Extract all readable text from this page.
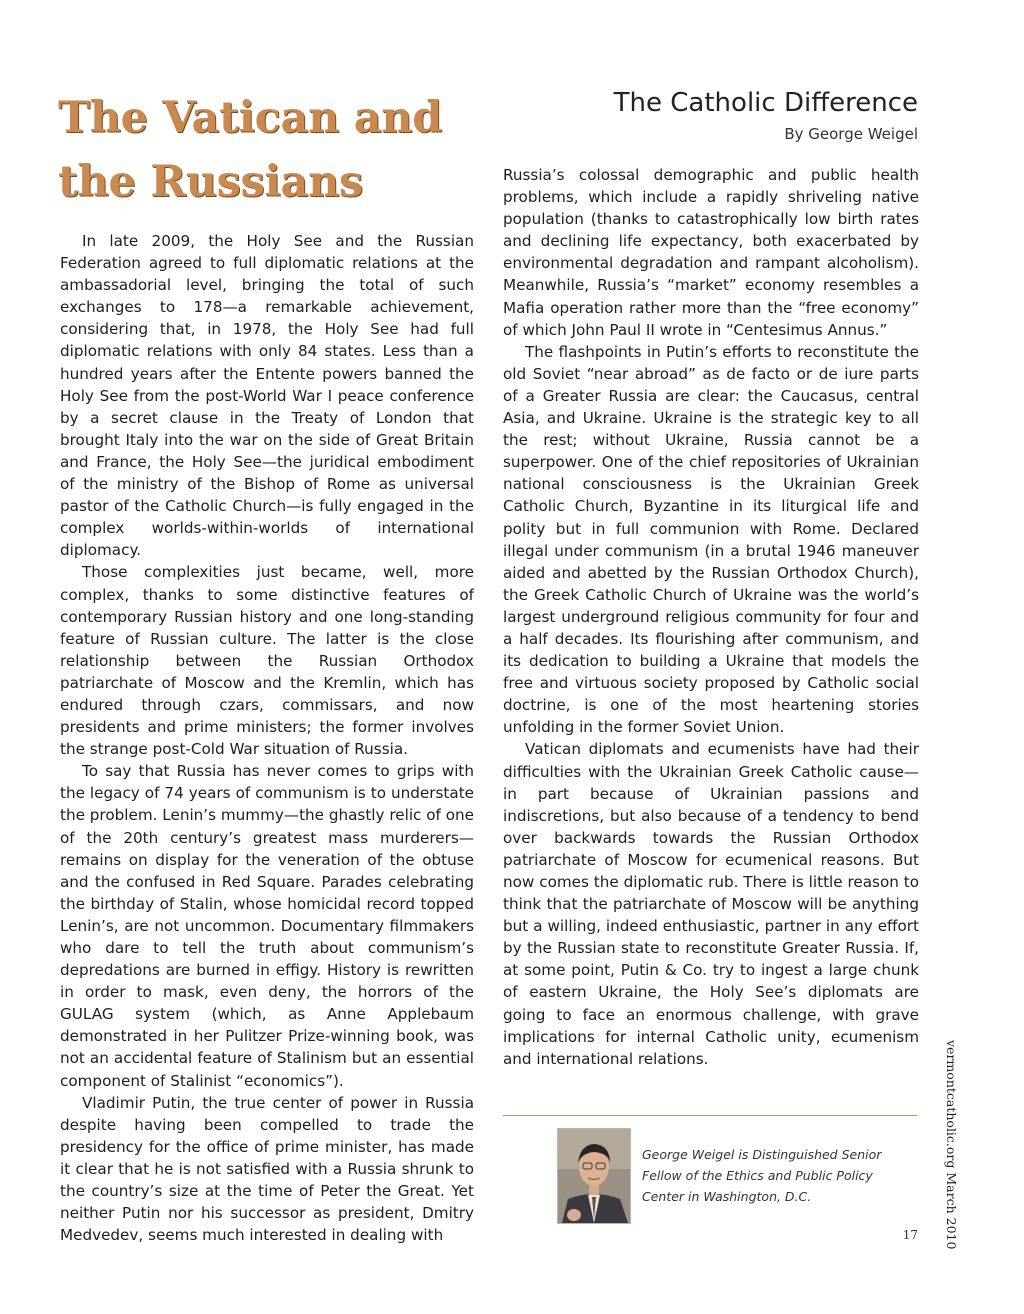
The Vatican and the Russians
The Catholic Difference
By George Weigel

In late 2009, the Holy See and the Russian Federation agreed to full diplomatic relations at the ambassadorial level, bringing the total of such exchanges to 178—a remarkable achievement, considering that, in 1978, the Holy See had full diplomatic relations with only 84 states. Less than a hundred years after the Entente powers banned the Holy See from the post-World War I peace conference by a secret clause in the Treaty of London that brought Italy into the war on the side of Great Britain and France, the Holy See—the juridical embodiment of the ministry of the Bishop of Rome as universal pastor of the Catholic Church—is fully engaged in the complex worlds-within-worlds of international diplomacy.

Those complexities just became, well, more complex, thanks to some distinctive features of contemporary Russian history and one long-standing feature of Russian culture. The latter is the close relationship between the Russian Orthodox patriarchate of Moscow and the Kremlin, which has endured through czars, commissars, and now presidents and prime ministers; the former involves the strange post-Cold War situation of Russia.

To say that Russia has never comes to grips with the legacy of 74 years of communism is to understate the problem. Lenin’s mummy—the ghastly relic of one of the 20th century’s greatest mass murderers—remains on display for the veneration of the obtuse and the confused in Red Square. Parades celebrating the birthday of Stalin, whose homicidal record topped Lenin’s, are not uncommon. Documentary filmmakers who dare to tell the truth about communism’s depredations are burned in effigy. History is rewritten in order to mask, even deny, the horrors of the GULAG system (which, as Anne Applebaum demonstrated in her Pulitzer Prize-winning book, was not an accidental feature of Stalinism but an essential component of Stalinist “economics”).

Vladimir Putin, the true center of power in Russia despite having been compelled to trade the presidency for the office of prime minister, has made it clear that he is not satisfied with a Russia shrunk to the country’s size at the time of Peter the Great. Yet neither Putin nor his successor as president, Dmitry Medvedev, seems much interested in dealing with

Russia’s colossal demographic and public health problems, which include a rapidly shriveling native population (thanks to catastrophically low birth rates and declining life expectancy, both exacerbated by environmental degradation and rampant alcoholism). Meanwhile, Russia’s “market” economy resembles a Mafia operation rather more than the “free economy” of which John Paul II wrote in “Centesimus Annus.”

The flashpoints in Putin’s efforts to reconstitute the old Soviet “near abroad” as de facto or de iure parts of a Greater Russia are clear: the Caucasus, central Asia, and Ukraine. Ukraine is the strategic key to all the rest; without Ukraine, Russia cannot be a superpower. One of the chief repositories of Ukrainian national consciousness is the Ukrainian Greek Catholic Church, Byzantine in its liturgical life and polity but in full communion with Rome. Declared illegal under communism (in a brutal 1946 maneuver aided and abetted by the Russian Orthodox Church), the Greek Catholic Church of Ukraine was the world’s largest underground religious community for four and a half decades. Its flourishing after communism, and its dedication to building a Ukraine that models the free and virtuous society proposed by Catholic social doctrine, is one of the most heartening stories unfolding in the former Soviet Union.

Vatican diplomats and ecumenists have had their difficulties with the Ukrainian Greek Catholic cause—in part because of Ukrainian passions and indiscretions, but also because of a tendency to bend over backwards towards the Russian Orthodox patriarchate of Moscow for ecumenical reasons. But now comes the diplomatic rub. There is little reason to think that the patriarchate of Moscow will be anything but a willing, indeed enthusiastic, partner in any effort by the Russian state to reconstitute Greater Russia. If, at some point, Putin & Co. try to ingest a large chunk of eastern Ukraine, the Holy See’s diplomats are going to face an enormous challenge, with grave implications for internal Catholic unity, ecumenism and international relations.

George Weigel is Distinguished Senior Fellow of the Ethics and Public Policy Center in Washington, D.C.	vermontcatholic.org March 2010
17
